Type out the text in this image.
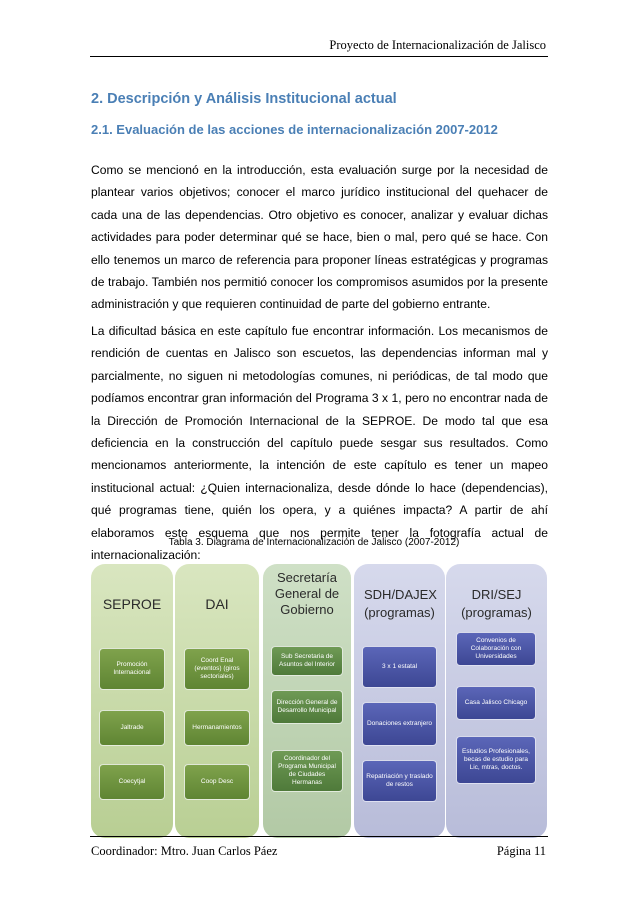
Proyecto de Internacionalización de Jalisco
2. Descripción y Análisis Institucional actual
2.1. Evaluación de las acciones de internacionalización 2007-2012

Como se mencionó en la introducción, esta evaluación surge por la necesidad de plantear varios objetivos; conocer el marco jurídico institucional del quehacer de cada una de las dependencias. Otro objetivo es conocer, analizar y evaluar dichas actividades para poder determinar qué se hace, bien o mal, pero qué se hace. Con ello tenemos un marco de referencia para proponer líneas estratégicas y programas de trabajo. También nos permitió conocer los compromisos asumidos por la presente administración y que requieren continuidad de parte del gobierno entrante.

La dificultad básica en este capítulo fue encontrar información. Los mecanismos de rendición de cuentas en Jalisco son escuetos, las dependencias informan mal y parcialmente, no siguen ni metodologías comunes, ni periódicas, de tal modo que podíamos encontrar gran información del Programa 3 x 1, pero no encontrar nada de la Dirección de Promoción Internacional de la SEPROE. De modo tal que esa deficiencia en la construcción del capítulo puede sesgar sus resultados. Como mencionamos anteriormente, la intención de este capítulo es tener un mapeo institucional actual: ¿Quien internacionaliza, desde dónde lo hace (dependencias), qué programas tiene, quién los opera, y a quiénes impacta? A partir de ahí elaboramos este esquema que nos permite tener la fotografía actual de internacionalización:

Tabla 3. Diagrama de Internacionalización de Jalisco (2007-2012)
SEPROE
Promoción Internacional
Jaltrade
Coecytjal
DAI
Coord Enal (eventos) (giros sectoriales)
Hermanamientos
Coop Desc
Secretaría General de Gobierno
Sub Secretaria de Asuntos del Interior
Dirección General de Desarrollo Municipal
Coordinador del Programa Municipal de Ciudades Hermanas
SDH/DAJEX (programas)
3 x 1 estatal
Donaciones extranjero
Repatriación y traslado de restos
DRI/SEJ (programas)
Convenios de Colaboración con Universidades
Casa Jalisco Chicago
Estudios Profesionales, becas de estudio para Lic, mtras, doctos.
Coordinador: Mtro. Juan Carlos Páez	Página 11
